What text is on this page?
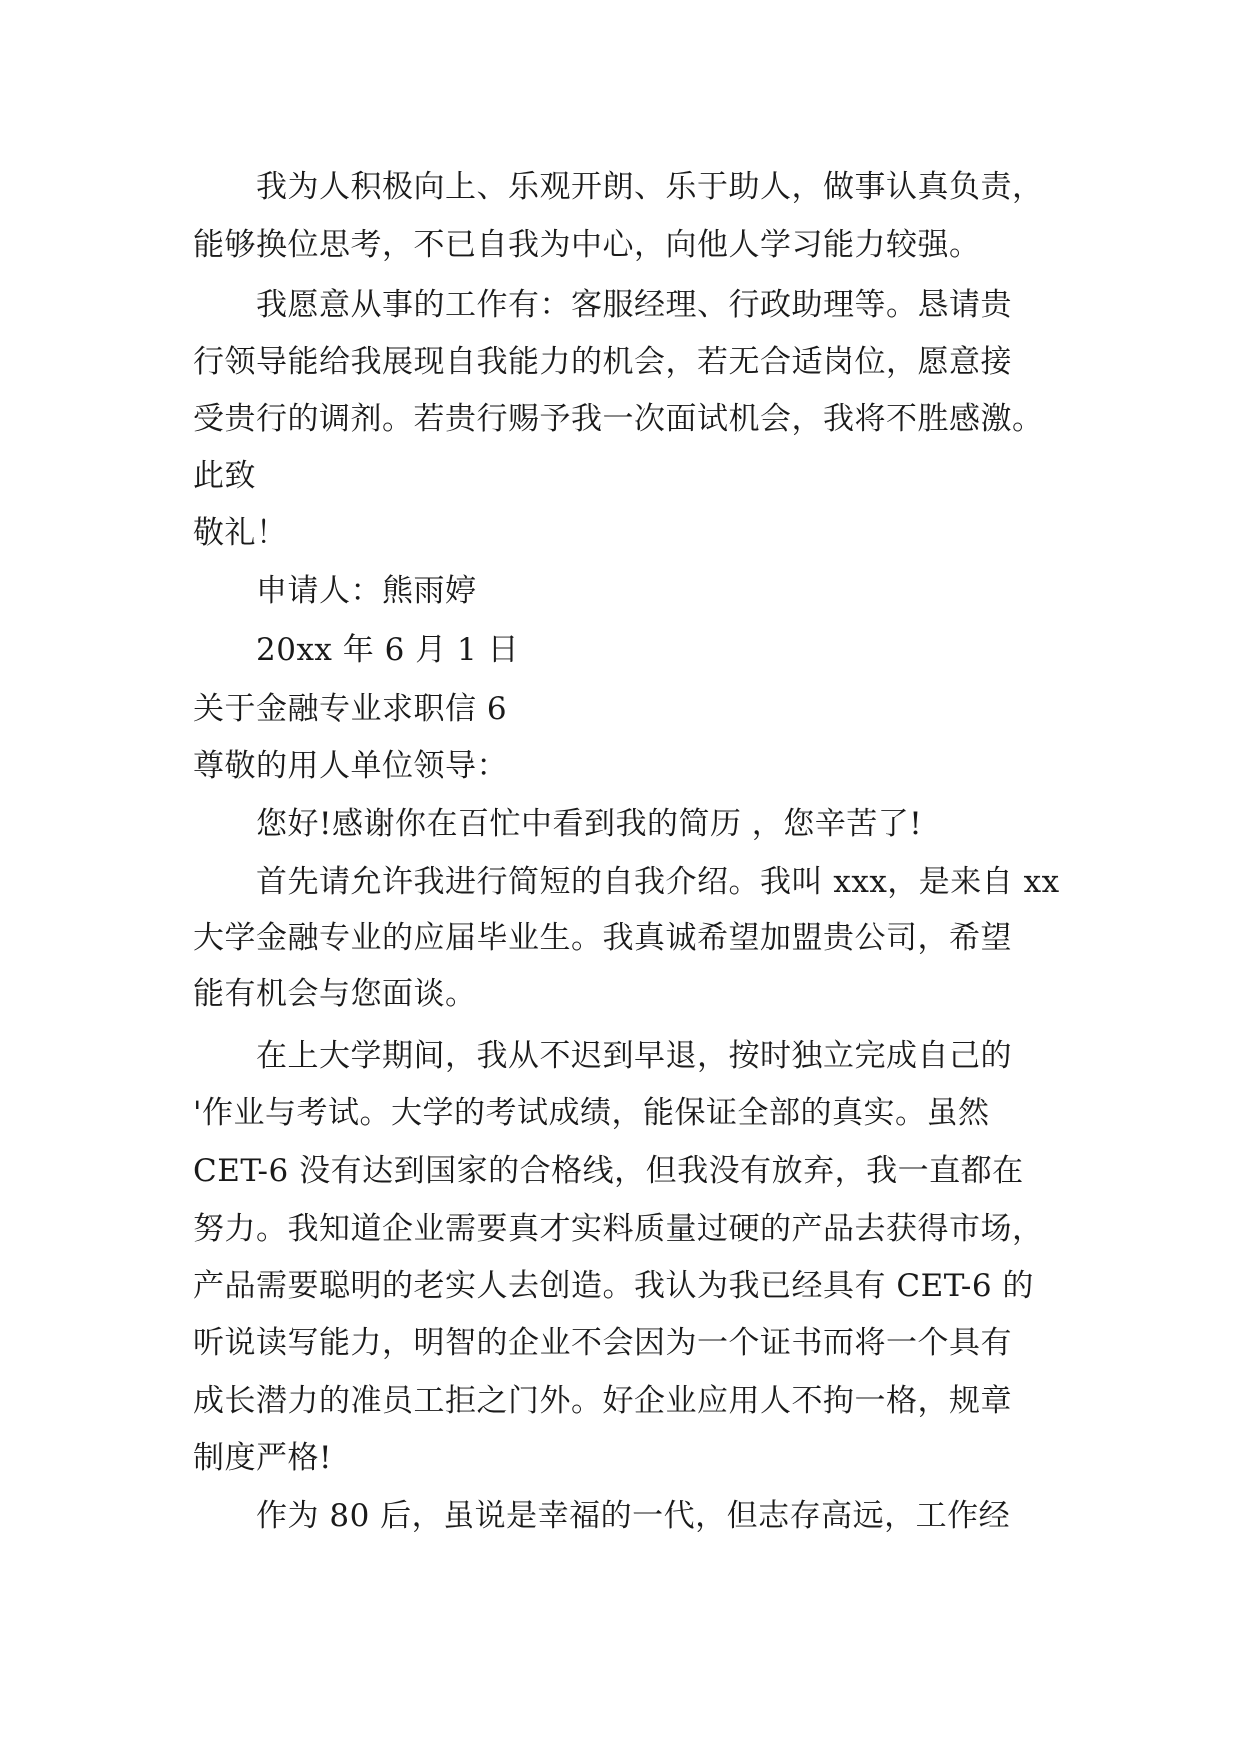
我为人积极向上、乐观开朗、乐于助人，做事认真负责，
能够换位思考，不已自我为中心，向他人学习能力较强。
我愿意从事的工作有：客服经理、行政助理等。恳请贵
行领导能给我展现自我能力的机会，若无合适岗位，愿意接
受贵行的调剂。若贵行赐予我一次面试机会，我将不胜感激。
此致
敬礼！
申请人：熊雨婷
20xx 年 6 月 1 日
关于金融专业求职信 6
尊敬的用人单位领导：
您好!感谢你在百忙中看到我的简历 ，您辛苦了!
首先请允许我进行简短的自我介绍。我叫 xxx，是来自 xx
大学金融专业的应届毕业生。我真诚希望加盟贵公司，希望
能有机会与您面谈。
在上大学期间，我从不迟到早退，按时独立完成自己的
'作业与考试。大学的考试成绩，能保证全部的真实。虽然
CET-6 没有达到国家的合格线，但我没有放弃，我一直都在
努力。我知道企业需要真才实料质量过硬的产品去获得市场，
产品需要聪明的老实人去创造。我认为我已经具有 CET-6 的
听说读写能力，明智的企业不会因为一个证书而将一个具有
成长潜力的准员工拒之门外。好企业应用人不拘一格，规章
制度严格!
作为 80 后，虽说是幸福的一代，但志存高远，工作经
